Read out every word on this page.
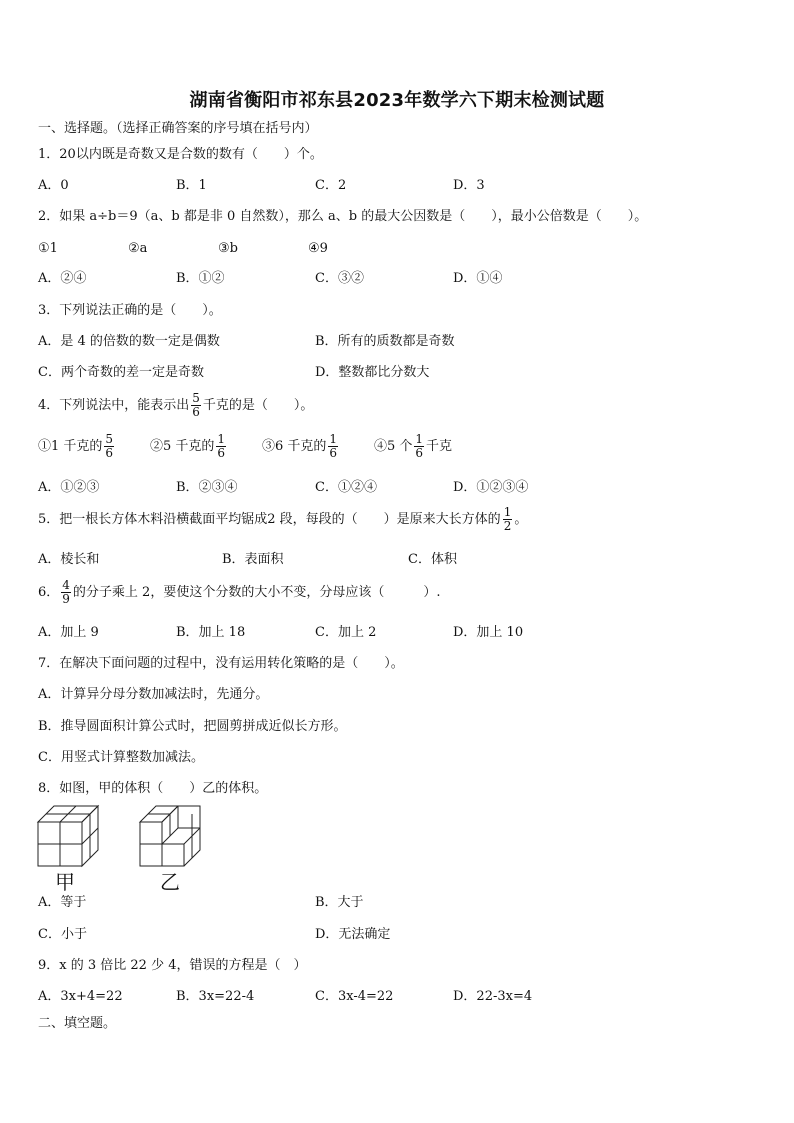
湖南省衡阳市祁东县2023年数学六下期末检测试题
一、选择题。（选择正确答案的序号填在括号内）
1．20以内既是奇数又是合数的数有（　　）个。
A．0	B．1	C．2	D．3
2．如果 a÷b＝9（a、b 都是非 0 自然数），那么 a、b 的最大公因数是（　　），最小公倍数是（　　）。
①1	②a	③b	④9
A．②④	B．①②	C．③②	D．①④
3．下列说法正确的是（　　）。
A．是 4 的倍数的数一定是偶数	B．所有的质数都是奇数
C．两个奇数的差一定是奇数	D．整数都比分数大
4．下列说法中，能表示出 $\frac{5}{6}$ 千克的是（　　）。
①1 千克的 $\frac{5}{6}$	②5 千克的 $\frac{1}{6}$	③6 千克的 $\frac{1}{6}$	④5 个 $\frac{1}{6}$ 千克
A．①②③	B．②③④	C．①②④	D．①②③④
5．把一根长方体木料沿横截面平均锯成2 段，每段的（　　）是原来大长方体的 $\frac{1}{2}$ 。
A．棱长和	B．表面积	C．体积
6． $\frac{4}{9}$ 的分子乘上 2，要使这个分数的大小不变，分母应该（　　　）.
A．加上 9	B．加上 18	C．加上 2	D．加上 10
7．在解决下面问题的过程中，没有运用转化策略的是（　　）。
A．计算异分母分数加减法时，先通分。
B．推导圆面积计算公式时，把圆剪拼成近似长方形。
C．用竖式计算整数加减法。
8．如图，甲的体积（　　）乙的体积。
甲	乙
A．等于	B．大于
C．小于	D．无法确定
9．x 的 3 倍比 22 少 4，错误的方程是（　）
A．3x+4=22	B．3x=22-4	C．3x-4=22	D．22-3x=4
二、填空题。
